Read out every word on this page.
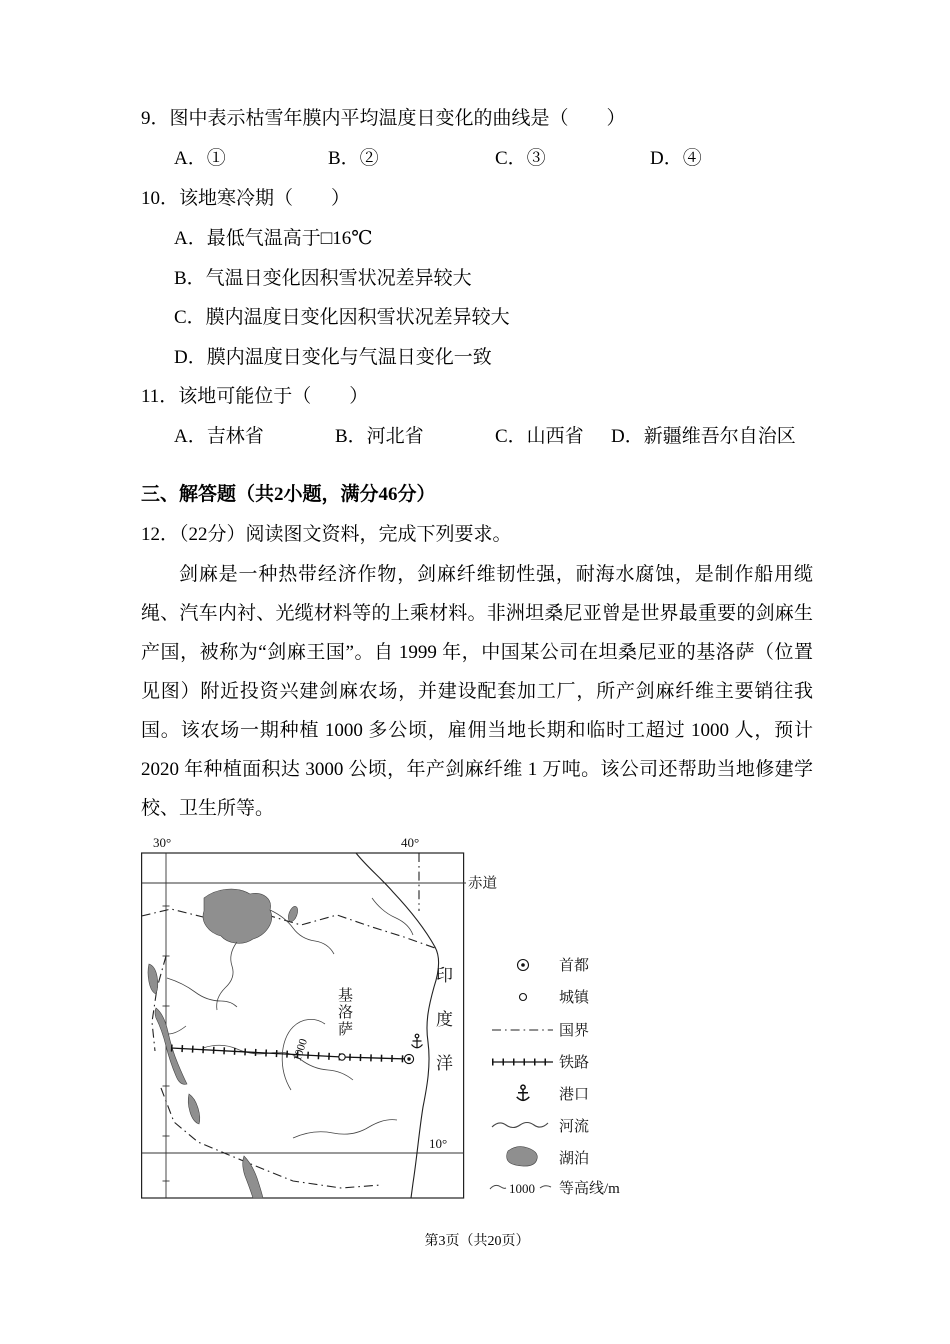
9．图中表示枯雪年膜内平均温度日变化的曲线是（　　）
A．①	B．②	C．③	D．④
10．该地寒冷期（　　）
A．最低气温高于□16℃
B．气温日变化因积雪状况差异较大
C．膜内温度日变化因积雪状况差异较大
D．膜内温度日变化与气温日变化一致
11．该地可能位于（　　）
A．吉林省	B．河北省	C．山西省	D．新疆维吾尔自治区
三、解答题（共2小题，满分46分）
12．（22分）阅读图文资料，完成下列要求。

剑麻是一种热带经济作物，剑麻纤维韧性强，耐海水腐蚀，是制作船用缆绳、汽车内衬、光缆材料等的上乘材料。非洲坦桑尼亚曾是世界最重要的剑麻生产国，被称为“剑麻王国”。自 1999 年，中国某公司在坦桑尼亚的基洛萨（位置见图）附近投资兴建剑麻农场，并建设配套加工厂，所产剑麻纤维主要销往我国。该农场一期种植 1000 多公顷，雇佣当地长期和临时工超过 1000 人，预计 2020 年种植面积达 3000 公顷，年产剑麻纤维 1 万吨。该公司还帮助当地修建学校、卫生所等。

1000
30°	40°
赤道
10°
首都
城镇
国界
铁路
港口
河流
湖泊
1000 等高线/m
印度洋
基洛萨
第3页（共20页）
